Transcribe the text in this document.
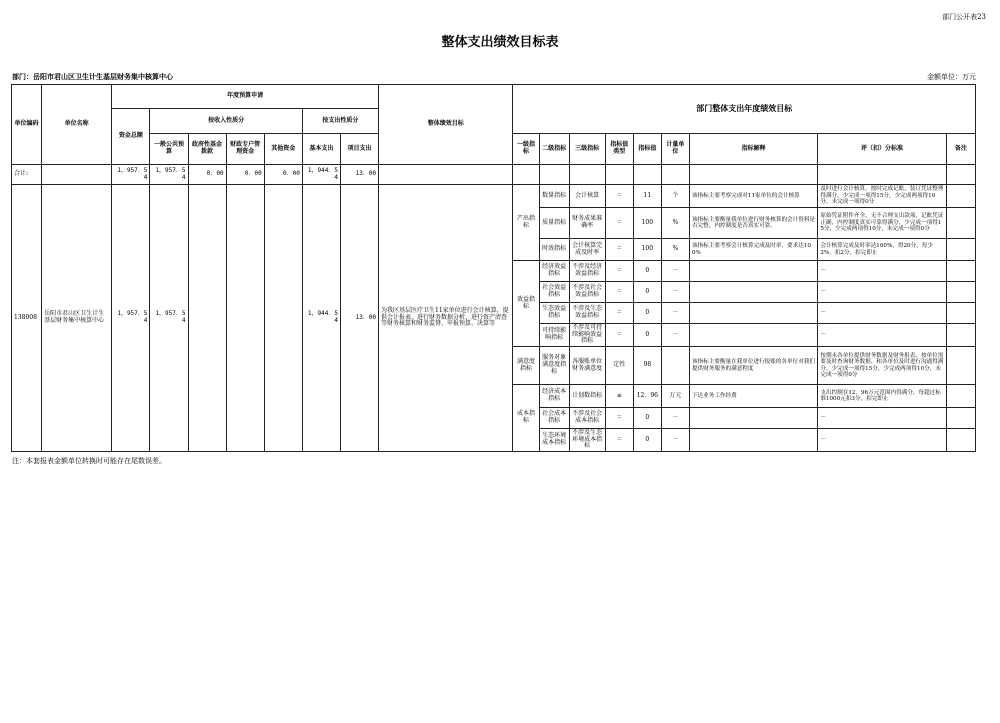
部门公开表23
整体支出绩效目标表
部门：岳阳市君山区卫生计生基层财务集中核算中心	金额单位：万元
单位编码	单位名称	年度预算申请							整体绩效目标	部门整体支出年度绩效目标								
		资金总额	按收入性质分				按支出性质分											
			一般公共预算	政府性基金拨款	财政专户管理资金	其他资金	基本支出	项目支出		一级指标	二级指标	三级指标	指标值类型	指标值	计量单位	指标解释	评（扣）分标准	备注
合计:		1，957．54	1，957．54	0．00	0．00	0．00	1，944．54	13．00										
138008	岳阳市君山区卫生计生基层财务集中核算中心	1，957．54	1，957．54				1，944．54	13．00	为我区基层医疗卫生11家单位进行会计核算，提供会计报表，进行财务数据分析、进行资产清查等财务核算和财务监督、申报预算、决算等	产出指标	数量指标	会计核算	＝	11	个	该指标主要考察完成对11家单位的会计核算	及时进行会计核算，按时完成记账，装订凭证整理得满分，少完成一项得15分，少完成两项得10分，未完成一项得0分	
											质量指标	财务成果准确率	＝	100	%	该指标主要衡量我单位进行财务核算的会计资料是否完整，内控制度是否真实可靠。	原始凭证附件齐全，无不合理支出款项，记账凭证正确，内控制度真实可靠得满分，少完成一项得15分，少完成两项得10分，未完成一项得0分	
											时效指标	会计核算完成及时率	＝	100	%	该指标主要考察会计核算完成及时率，要求达100%	会计核算完成及时率达100%，得20分，每少2%，扣2分，扣完即止	
										效益指标	经济效益指标	不涉及经济效益指标	＝	0	－		－	
											社会效益指标	不涉及社会效益指标	＝	0	－		－	
											生态效益指标	不涉及生态效益指标	＝	0	－		－	
											可持续影响指标	不涉及可持续影响效益指标	＝	0	－		－	
										满意度指标	服务对象满意度指标	各服账单位财务满意度	定性	98		该指标主要衡量在我单位进行报账的各单位对我们提供财务服务的满意程度	按期未各单位提供财务数据及财务报表、按单位需要及时查询财务数据、和各单位及时进行沟通得满分，少完成一项得15分，少完成两项得10分，未完成一项得0分	
										成本指标	经济成本指标	计划数指标	≤	12．96	万元	下达业务工作经费	支出控制在12．96万元范围内得满分，每超过标准1000元扣3分，扣完即止	
											社会成本指标	不涉及社会成本指标	＝	0	－		－	
											生态环境成本指标	不涉及生态环境成本指标	＝	0	－		－	
注：本套报表金额单位转换时可能存在尾数误差。
